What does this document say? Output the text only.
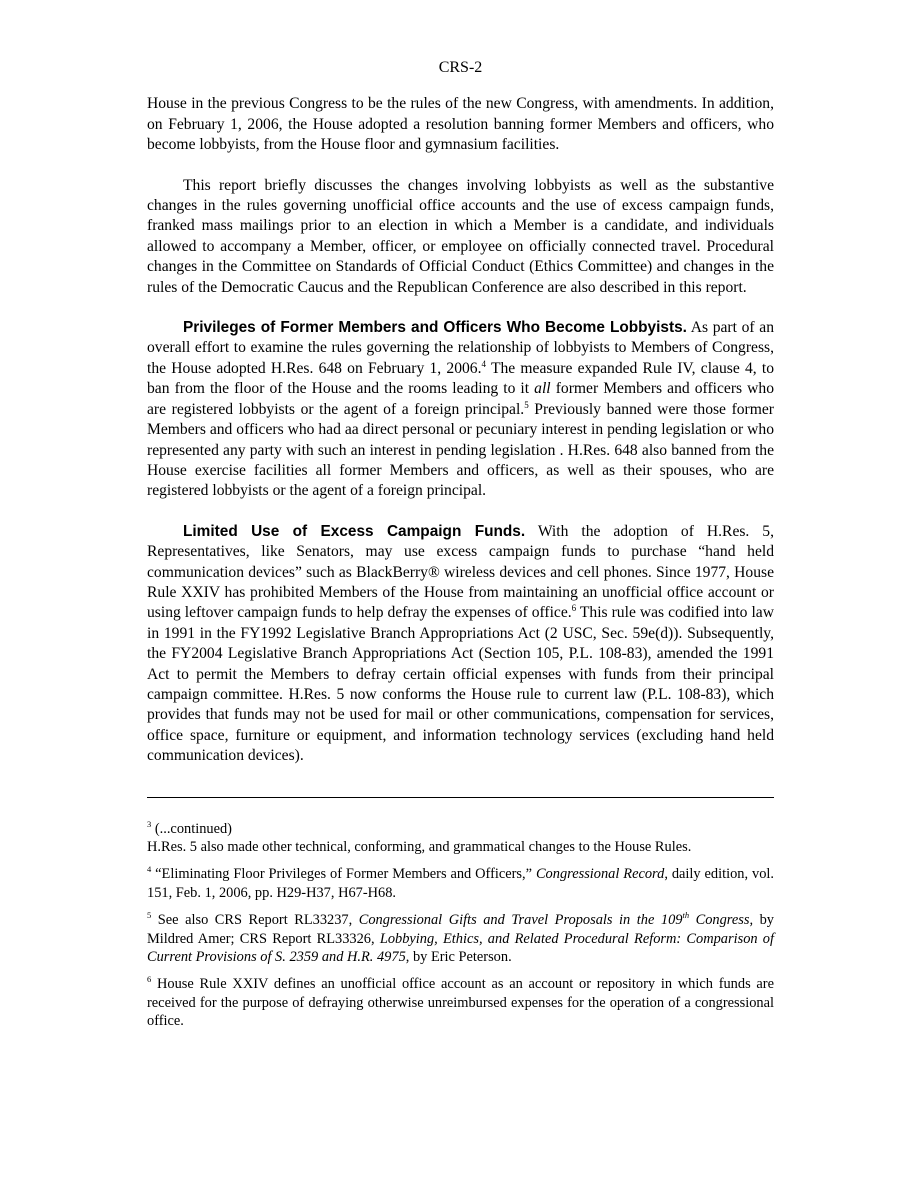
CRS-2

House in the previous Congress to be the rules of the new Congress, with amendments. In addition, on February 1, 2006, the House adopted a resolution banning former Members and officers, who become lobbyists, from the House floor and gymnasium facilities.

This report briefly discusses the changes involving lobbyists as well as the substantive changes in the rules governing unofficial office accounts and the use of excess campaign funds, franked mass mailings prior to an election in which a Member is a candidate, and individuals allowed to accompany a Member, officer, or employee on officially connected travel. Procedural changes in the Committee on Standards of Official Conduct (Ethics Committee) and changes in the rules of the Democratic Caucus and the Republican Conference are also described in this report.

Privileges of Former Members and Officers Who Become Lobbyists. As part of an overall effort to examine the rules governing the relationship of lobbyists to Members of Congress, the House adopted H.Res. 648 on February 1, 2006.$^4$ The measure expanded Rule IV, clause 4, to ban from the floor of the House and the rooms leading to it all former Members and officers who are registered lobbyists or the agent of a foreign principal.$^5$ Previously banned were those former Members and officers who had aa direct personal or pecuniary interest in pending legislation or who represented any party with such an interest in pending legislation . H.Res. 648 also banned from the House exercise facilities all former Members and officers, as well as their spouses, who are registered lobbyists or the agent of a foreign principal.

Limited Use of Excess Campaign Funds. With the adoption of H.Res. 5, Representatives, like Senators, may use excess campaign funds to purchase “hand held communication devices” such as BlackBerry® wireless devices and cell phones. Since 1977, House Rule XXIV has prohibited Members of the House from maintaining an unofficial office account or using leftover campaign funds to help defray the expenses of office.$^6$ This rule was codified into law in 1991 in the FY1992 Legislative Branch Appropriations Act (2 USC, Sec. 59e(d)). Subsequently, the FY2004 Legislative Branch Appropriations Act (Section 105, P.L. 108-83), amended the 1991 Act to permit the Members to defray certain official expenses with funds from their principal campaign committee. H.Res. 5 now conforms the House rule to current law (P.L. 108-83), which provides that funds may not be used for mail or other communications, compensation for services, office space, furniture or equipment, and information technology services (excluding hand held communication devices).

$^3$ (...continued)
H.Res. 5 also made other technical, conforming, and grammatical changes to the House Rules.
$^4$ “Eliminating Floor Privileges of Former Members and Officers,” Congressional Record, daily edition, vol. 151, Feb. 1, 2006, pp. H29-H37, H67-H68.
$^5$ See also CRS Report RL33237, Congressional Gifts and Travel Proposals in the 109th Congress, by Mildred Amer; CRS Report RL33326, Lobbying, Ethics, and Related Procedural Reform: Comparison of Current Provisions of S. 2359 and H.R. 4975, by Eric Peterson.
$^6$ House Rule XXIV defines an unofficial office account as an account or repository in which funds are received for the purpose of defraying otherwise unreimbursed expenses for the operation of a congressional office.
